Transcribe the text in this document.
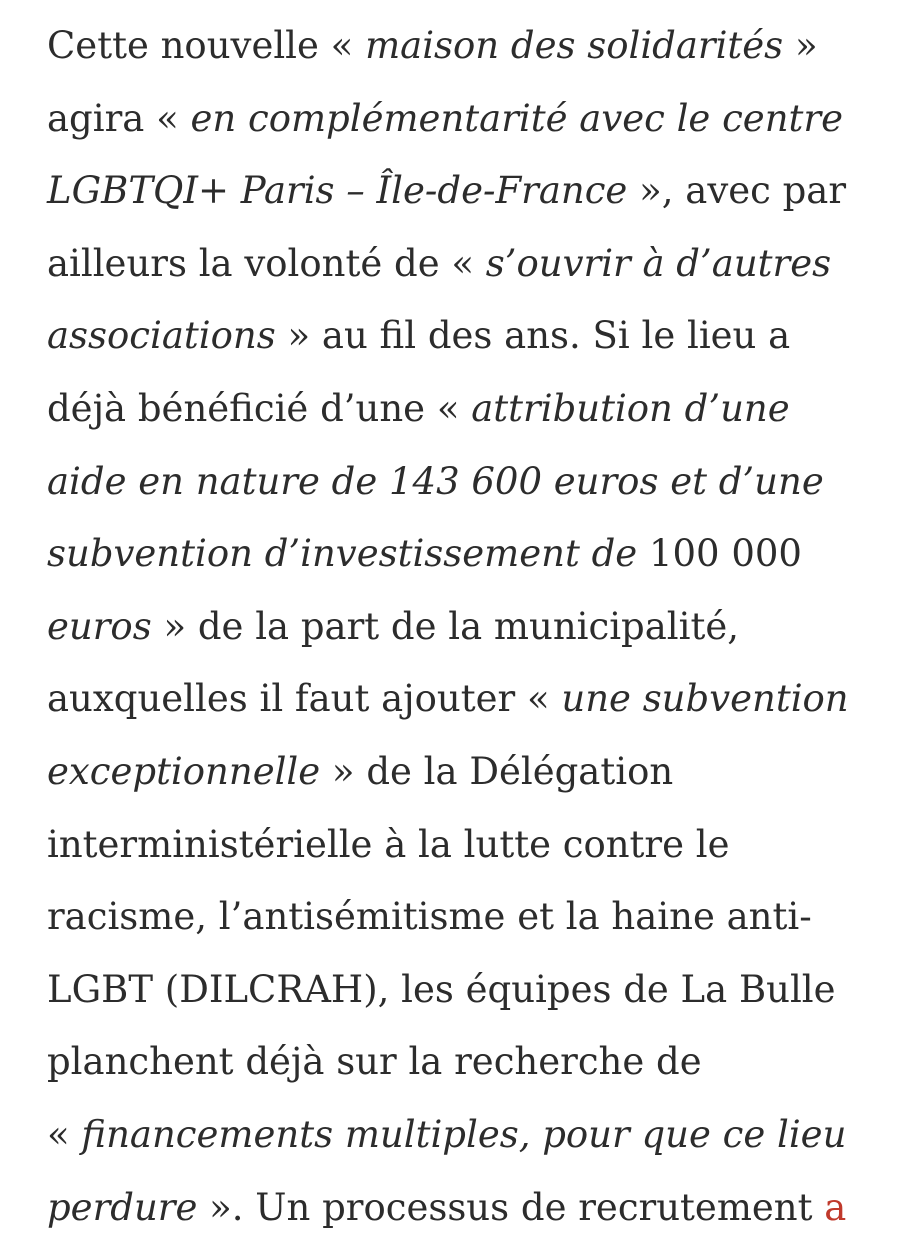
Cette nouvelle « maison des solidarités »
agira « en complémentarité avec le centre
LGBTQI+ Paris – Île-de-France », avec par
ailleurs la volonté de « s’ouvrir à d’autres
associations » au fil des ans. Si le lieu a
déjà bénéficié d’une « attribution d’une
aide en nature de 143 600 euros et d’une
subvention d’investissement de 100 000
euros » de la part de la municipalité,
auxquelles il faut ajouter « une subvention
exceptionnelle » de la Délégation
interministérielle à la lutte contre le
racisme, l’antisémitisme et la haine anti-
LGBT (DILCRAH), les équipes de La Bulle
planchent déjà sur la recherche de
« financements multiples, pour que ce lieu
perdure ». Un processus de recrutement a
